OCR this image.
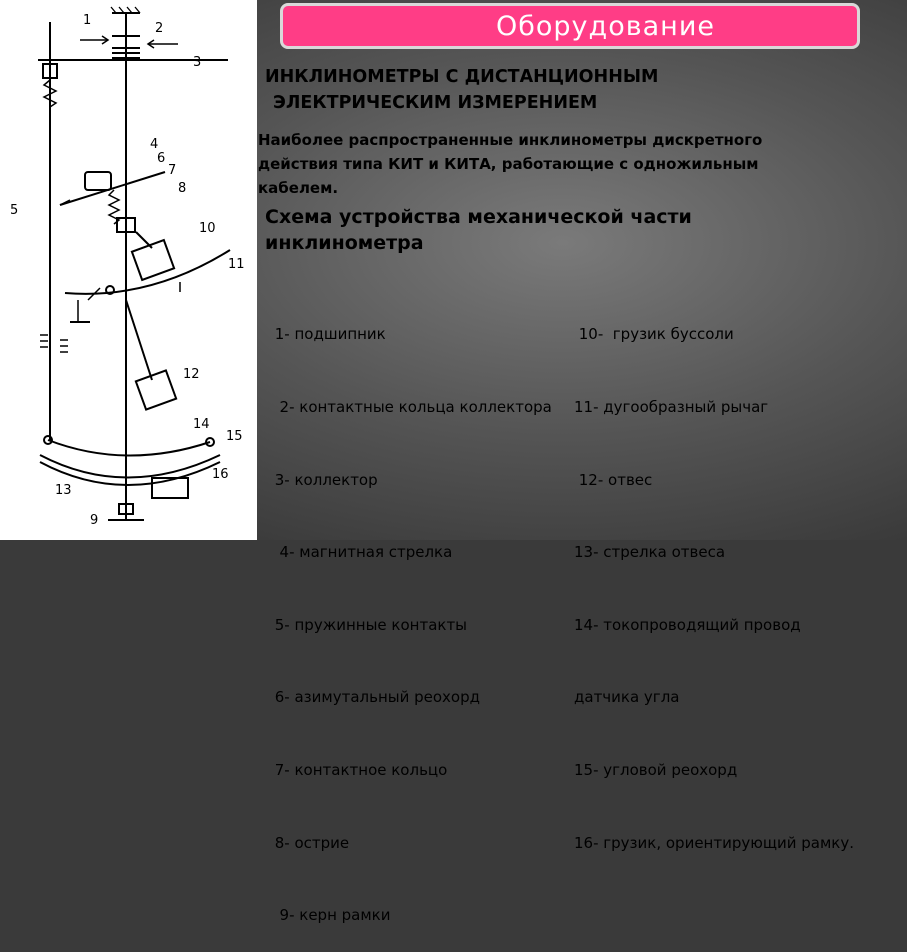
1
2
3
4
5
6
7
8
9
10
11
12
13
14
15
16
Оборудование
ИНКЛИНОМЕТРЫ С ДИСТАНЦИОННЫМ
ЭЛЕКТРИЧЕСКИМ ИЗМЕРЕНИЕМ
Наиболее распространенные инклинометры дискретного
действия типа КИТ и КИТА, работающие с одножильным
кабелем.
Схема устройства механической части
инклинометра

1- подшипник

2- контактные кольца коллектора

3- коллектор

4- магнитная стрелка

5- пружинные контакты

6- азимутальный реохорд

7- контактное кольцо

8- острие

9- керн рамки

10-  грузик буссоли

11- дугообразный рычаг

12- отвес

13- стрелка отвеса

14- токопроводящий провод

датчика угла

15- угловой реохорд

16- грузик, ориентирующий рамку.
